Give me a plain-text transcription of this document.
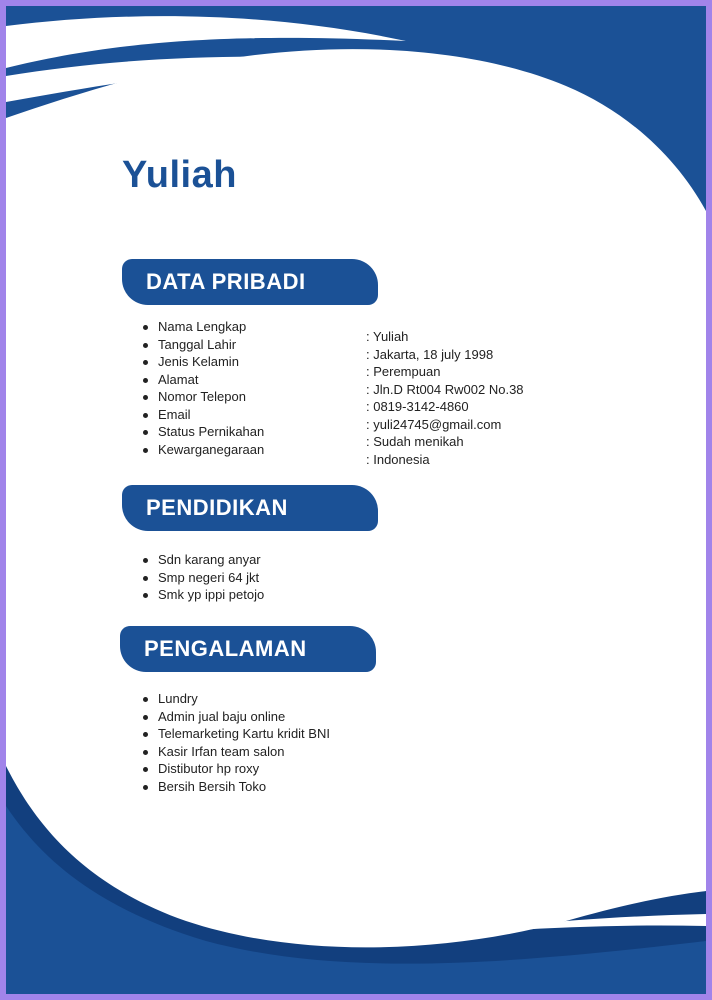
Yuliah
DATA PRIBADI
Nama Lengkap
Tanggal Lahir
Jenis Kelamin
Alamat
Nomor Telepon
Email
Status Pernikahan
Kewarganegaraan
: Yuliah
: Jakarta, 18 july 1998
: Perempuan
: Jln.D Rt004 Rw002 No.38
: 0819-3142-4860
: yuli24745@gmail.com
: Sudah menikah
: Indonesia
PENDIDIKAN
Sdn karang anyar
Smp negeri 64 jkt
Smk yp ippi petojo
PENGALAMAN
Lundry
Admin jual baju online
Telemarketing Kartu kridit BNI
Kasir Irfan team salon
Distibutor hp roxy
Bersih Bersih Toko
